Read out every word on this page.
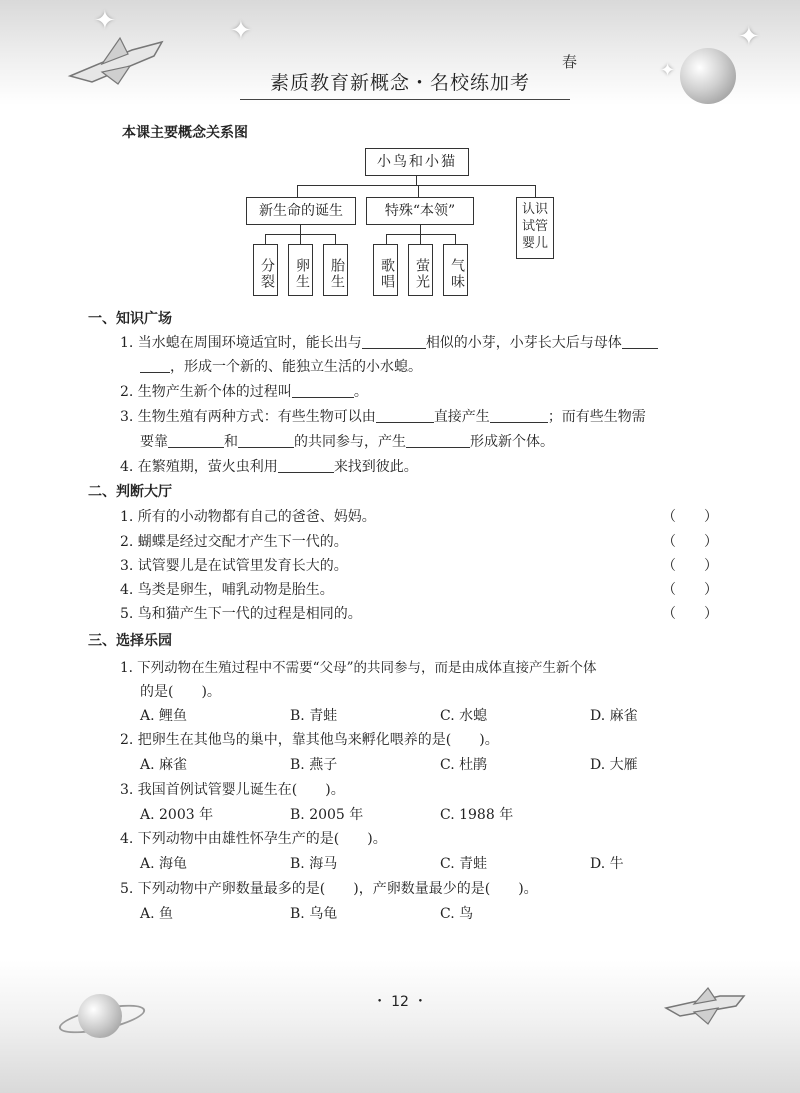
✦	✦	✦
✦
春
素质教育新概念・名校练加考
本课主要概念关系图
小鸟和小猫
新生命的诞生	特殊“本领”	认识试管婴儿
分裂	卵生	胎生	歌唱	萤光	气味
一、知识广场
1. 当水螅在周围环境适宜时，能长出与	相似的小芽，小芽长大后与母体
，形成一个新的、能独立生活的小水螅。
2. 生物产生新个体的过程叫	。
3. 生物生殖有两种方式：有些生物可以由	直接产生	；而有些生物需
要靠	和	的共同参与，产生	形成新个体。
4. 在繁殖期，萤火虫利用	来找到彼此。
二、判断大厅
1. 所有的小动物都有自己的爸爸、妈妈。	（　　）
2. 蝴蝶是经过交配才产生下一代的。	（　　）
3. 试管婴儿是在试管里发育长大的。	（　　）
4. 鸟类是卵生，哺乳动物是胎生。	（　　）
5. 鸟和猫产生下一代的过程是相同的。	（　　）
三、选择乐园
1. 下列动物在生殖过程中不需要“父母”的共同参与，而是由成体直接产生新个体
的是(　　)。
A. 鲤鱼	B. 青蛙	C. 水螅	D. 麻雀
2. 把卵生在其他鸟的巢中，靠其他鸟来孵化喂养的是(　　)。
A. 麻雀	B. 燕子	C. 杜鹃	D. 大雁
3. 我国首例试管婴儿诞生在(　　)。
A. 2003 年	B. 2005 年	C. 1988 年
4. 下列动物中由雄性怀孕生产的是(　　)。
A. 海龟	B. 海马	C. 青蛙	D. 牛
5. 下列动物中产卵数量最多的是(　　)，产卵数量最少的是(　　)。
A. 鱼	B. 乌龟	C. 鸟
・ 12 ・
